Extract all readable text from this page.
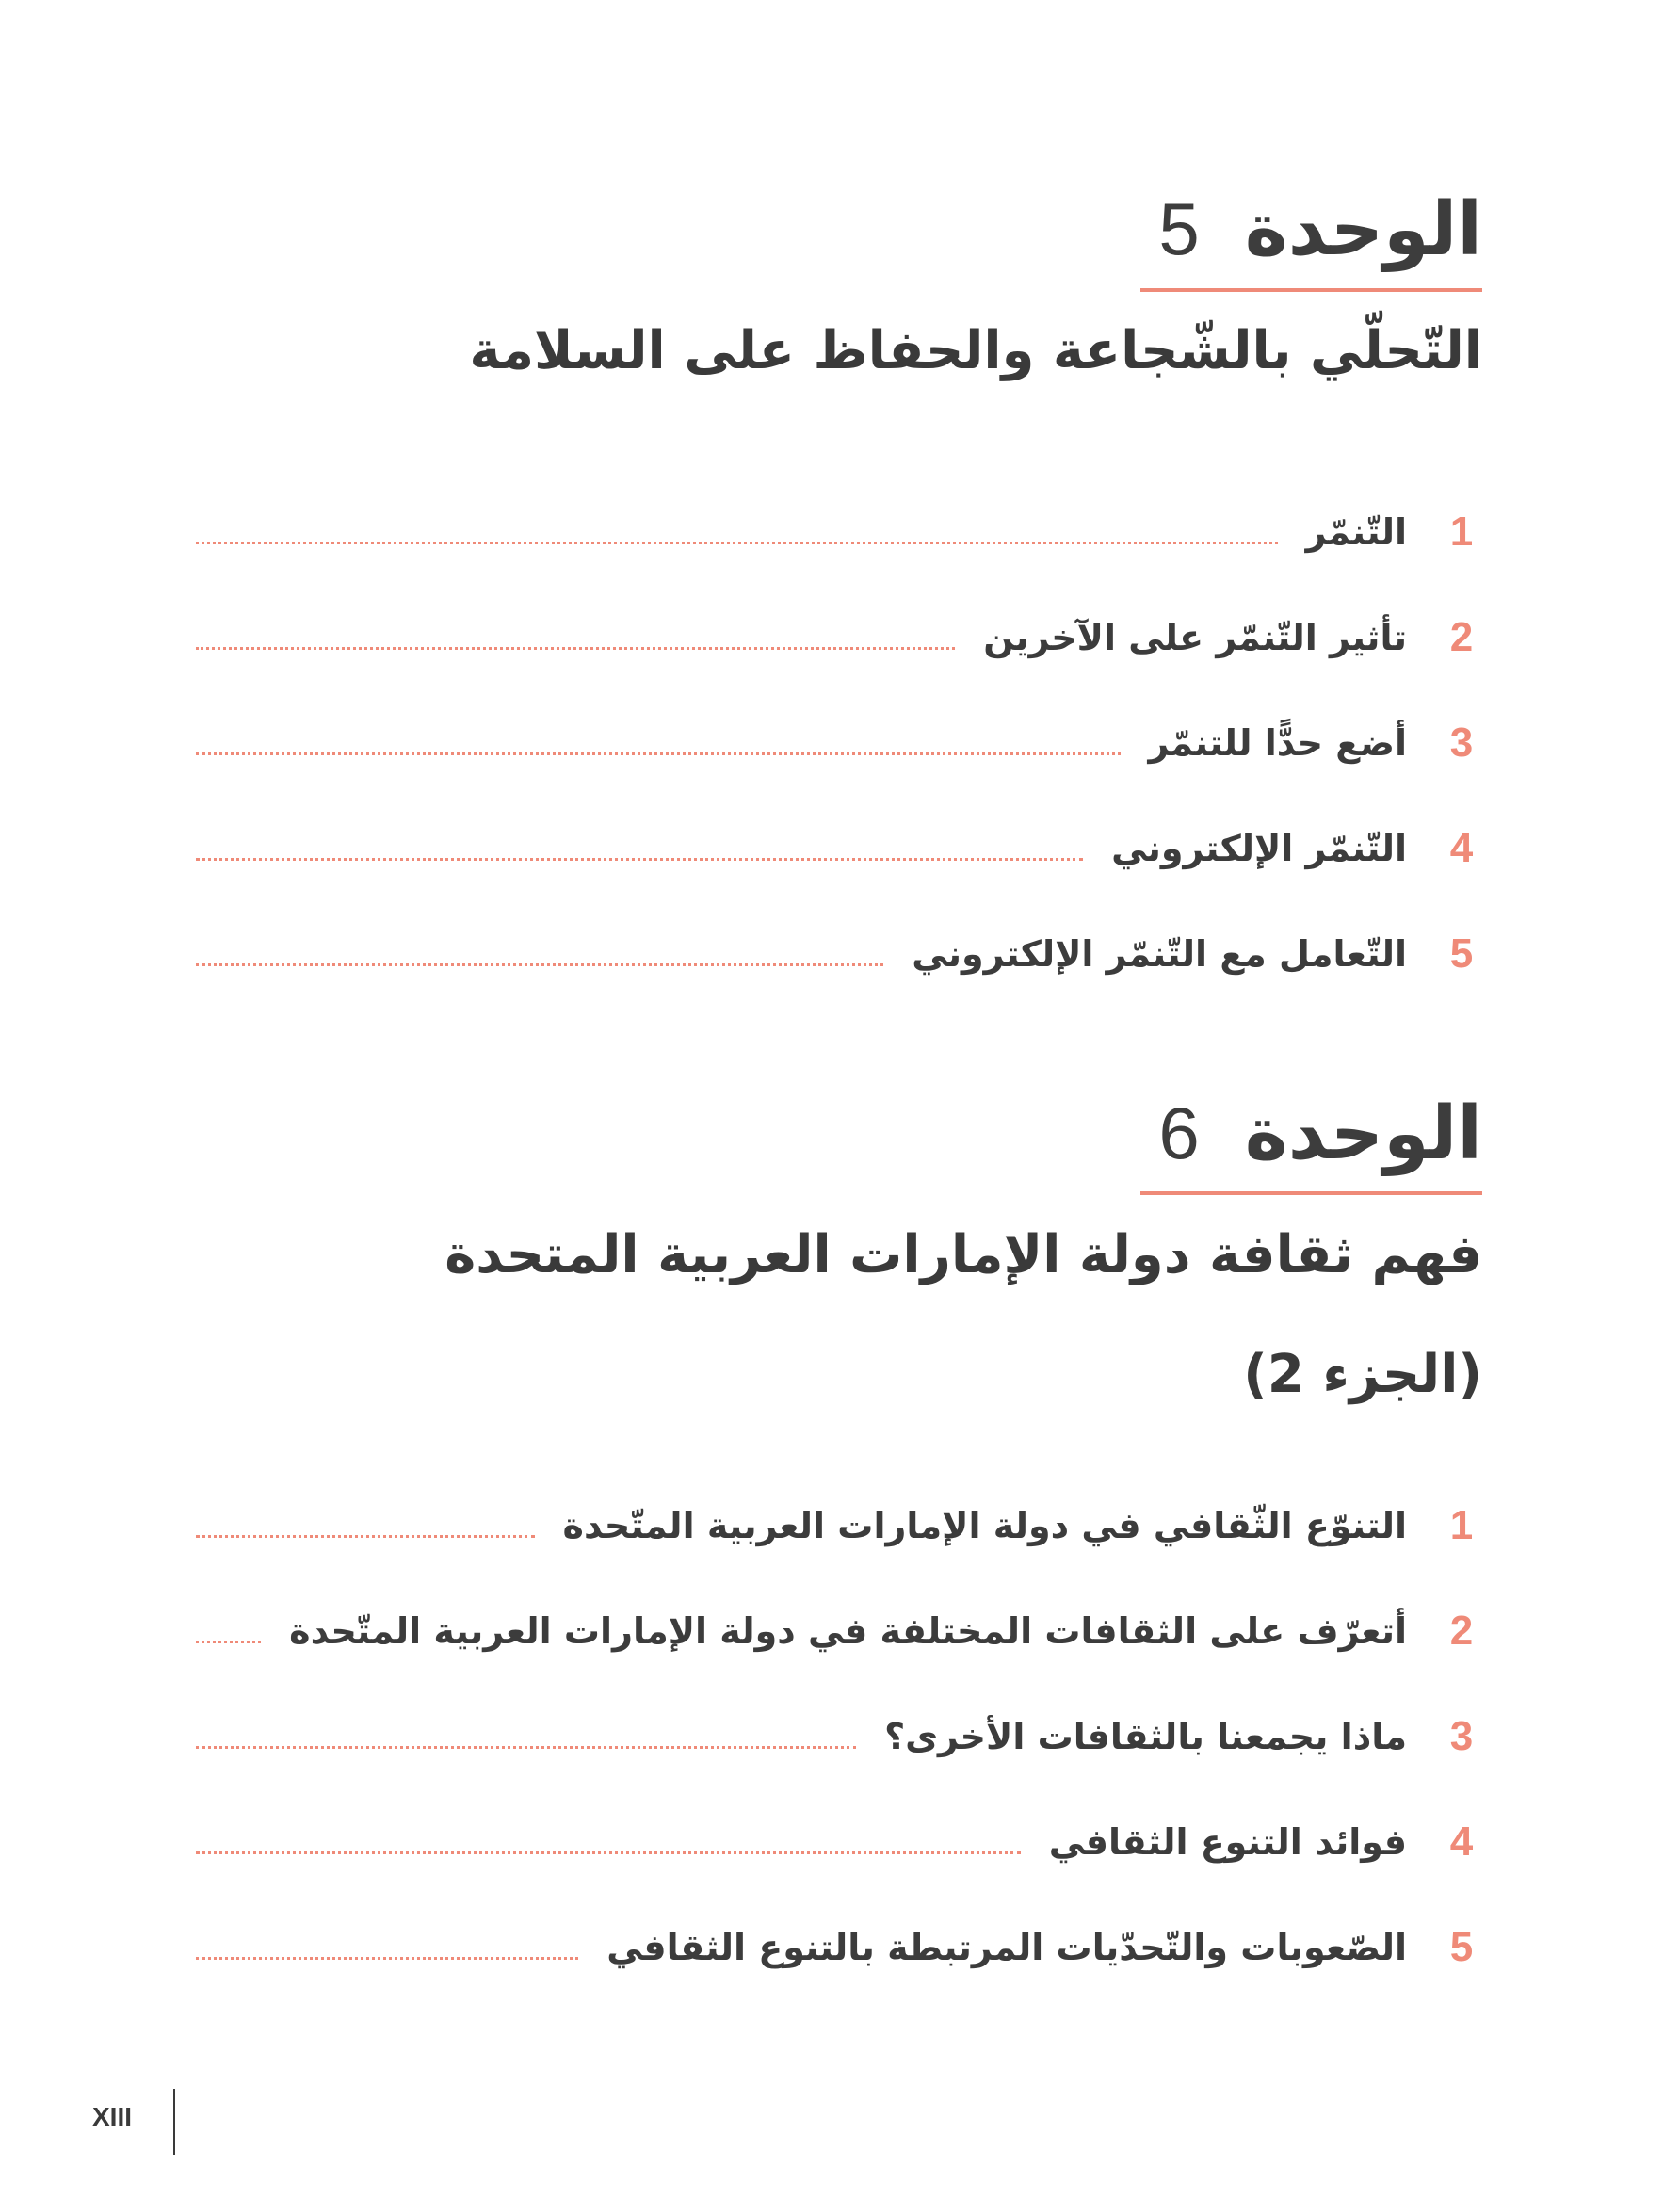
الوحدة5
التّحلّي بالشّجاعة والحفاظ على السلامة
1
التّنمّر
2
تأثير التّنمّر على الآخرين
3
أضع حدًّا للتنمّر
4
التّنمّر الإلكتروني
5
التّعامل مع التّنمّر الإلكتروني
الوحدة6
فهم ثقافة دولة الإمارات العربية المتحدة
(الجزء 2)
1
التنوّع الثّقافي في دولة الإمارات العربية المتّحدة
2
أتعرّف على الثقافات المختلفة في دولة الإمارات العربية المتّحدة
3
ماذا يجمعنا بالثقافات الأخرى؟
4
فوائد التنوع الثقافي
5
الصّعوبات والتّحدّيات المرتبطة بالتنوع الثقافي
XIII
